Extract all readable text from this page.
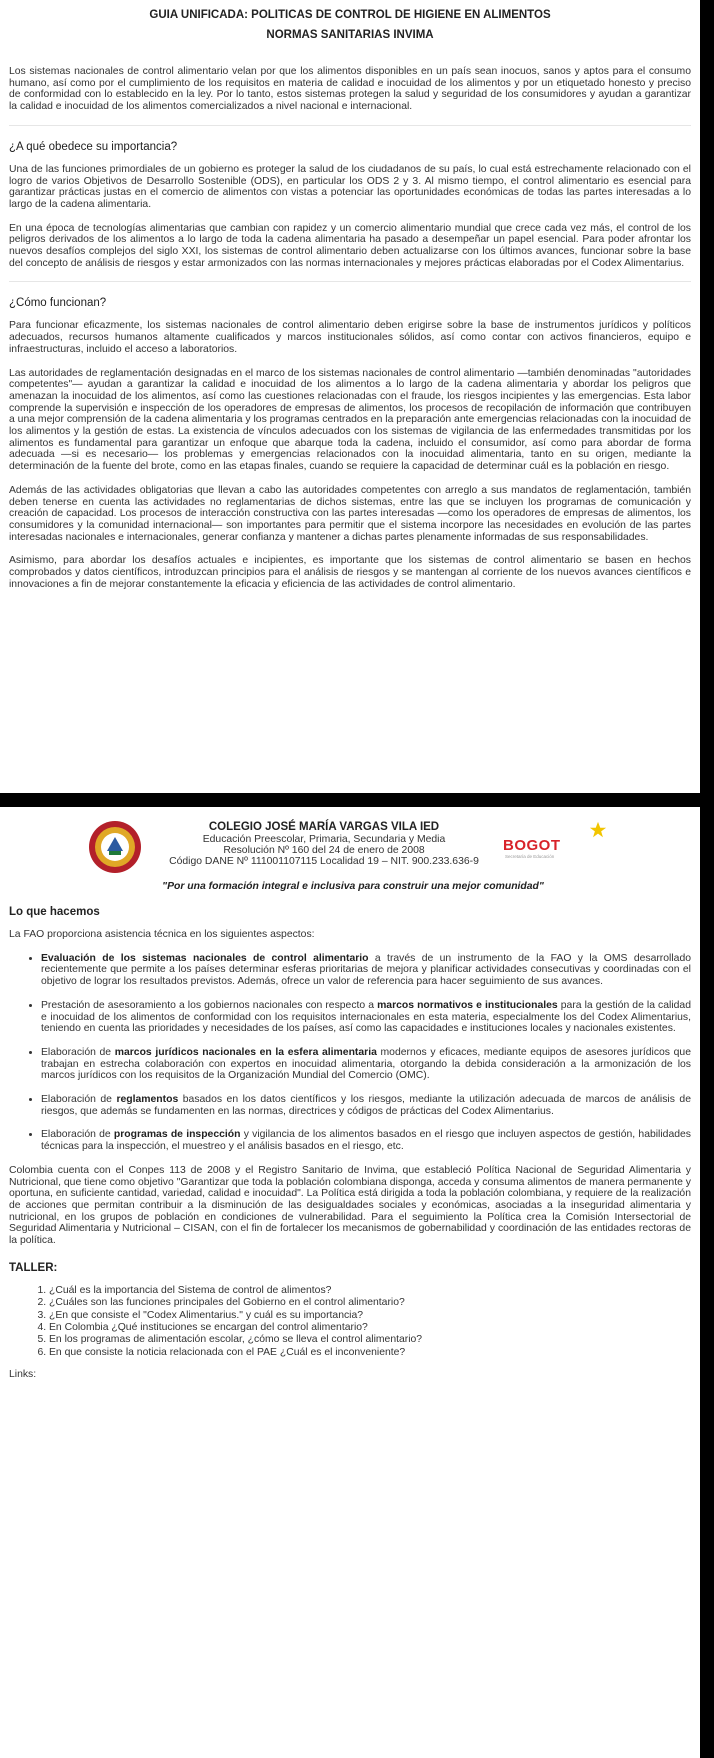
GUIA UNIFICADA: POLITICAS DE CONTROL DE HIGIENE EN ALIMENTOS
NORMAS SANITARIAS INVIMA

Los sistemas nacionales de control alimentario velan por que los alimentos disponibles en un país sean inocuos, sanos y aptos para el consumo humano, así como por el cumplimiento de los requisitos en materia de calidad e inocuidad de los alimentos y por un etiquetado honesto y preciso de conformidad con lo establecido en la ley. Por lo tanto, estos sistemas protegen la salud y seguridad de los consumidores y ayudan a garantizar la calidad e inocuidad de los alimentos comercializados a nivel nacional e internacional.

¿A qué obedece su importancia?

Una de las funciones primordiales de un gobierno es proteger la salud de los ciudadanos de su país, lo cual está estrechamente relacionado con el logro de varios Objetivos de Desarrollo Sostenible (ODS), en particular los ODS 2 y 3. Al mismo tiempo, el control alimentario es esencial para garantizar prácticas justas en el comercio de alimentos con vistas a potenciar las oportunidades económicas de todas las partes interesadas a lo largo de la cadena alimentaria.

En una época de tecnologías alimentarias que cambian con rapidez y un comercio alimentario mundial que crece cada vez más, el control de los peligros derivados de los alimentos a lo largo de toda la cadena alimentaria ha pasado a desempeñar un papel esencial. Para poder afrontar los nuevos desafíos complejos del siglo XXI, los sistemas de control alimentario deben actualizarse con los últimos avances, funcionar sobre la base del concepto de análisis de riesgos y estar armonizados con las normas internacionales y mejores prácticas elaboradas por el Codex Alimentarius.

¿Cómo funcionan?

Para funcionar eficazmente, los sistemas nacionales de control alimentario deben erigirse sobre la base de instrumentos jurídicos y políticos adecuados, recursos humanos altamente cualificados y marcos institucionales sólidos, así como contar con activos financieros, equipo e infraestructuras, incluido el acceso a laboratorios.

Las autoridades de reglamentación designadas en el marco de los sistemas nacionales de control alimentario —también denominadas "autoridades competentes"— ayudan a garantizar la calidad e inocuidad de los alimentos a lo largo de la cadena alimentaria y abordar los peligros que amenazan la inocuidad de los alimentos, así como las cuestiones relacionadas con el fraude, los riesgos incipientes y las emergencias. Esta labor comprende la supervisión e inspección de los operadores de empresas de alimentos, los procesos de recopilación de información que contribuyen a una mejor comprensión de la cadena alimentaria y los programas centrados en la preparación ante emergencias relacionadas con la inocuidad de los alimentos y la gestión de estas. La existencia de vínculos adecuados con los sistemas de vigilancia de las enfermedades transmitidas por los alimentos es fundamental para garantizar un enfoque que abarque toda la cadena, incluido el consumidor, así como para abordar de forma adecuada —si es necesario— los problemas y emergencias relacionados con la inocuidad alimentaria, tanto en su origen, mediante la determinación de la fuente del brote, como en las etapas finales, cuando se requiere la capacidad de determinar cuál es la población en riesgo.

Además de las actividades obligatorias que llevan a cabo las autoridades competentes con arreglo a sus mandatos de reglamentación, también deben tenerse en cuenta las actividades no reglamentarias de dichos sistemas, entre las que se incluyen los programas de comunicación y creación de capacidad. Los procesos de interacción constructiva con las partes interesadas —como los operadores de empresas de alimentos, los consumidores y la comunidad internacional— son importantes para permitir que el sistema incorpore las necesidades en evolución de las partes interesadas nacionales e internacionales, generar confianza y mantener a dichas partes plenamente informadas de sus responsabilidades.

Asimismo, para abordar los desafíos actuales e incipientes, es importante que los sistemas de control alimentario se basen en hechos comprobados y datos científicos, introduzcan principios para el análisis de riesgos y se mantengan al corriente de los nuevos avances científicos e innovaciones a fin de mejorar constantemente la eficacia y eficiencia de las actividades de control alimentario.

COLEGIO JOSÉ MARÍA VARGAS VILA IED
Educación Preescolar, Primaria, Secundaria y Media
Resolución Nº 160 del 24 de enero de 2008
Código DANE Nº 111001107115 Localidad 19 – NIT. 900.233.636-9
BOGOT
Secretaría de Educación
"Por una formación integral e inclusiva para construir una mejor comunidad"
Lo que hacemos

La FAO proporciona asistencia técnica en los siguientes aspectos:

• Evaluación de los sistemas nacionales de control alimentario a través de un instrumento de la FAO y la OMS desarrollado recientemente que permite a los países determinar esferas prioritarias de mejora y planificar actividades consecutivas y coordinadas con el objetivo de lograr los resultados previstos. Además, ofrece un valor de referencia para hacer seguimiento de sus avances.
• Prestación de asesoramiento a los gobiernos nacionales con respecto a marcos normativos e institucionales para la gestión de la calidad e inocuidad de los alimentos de conformidad con los requisitos internacionales en esta materia, especialmente los del Codex Alimentarius, teniendo en cuenta las prioridades y necesidades de los países, así como las capacidades e instituciones locales y nacionales existentes.
• Elaboración de marcos jurídicos nacionales en la esfera alimentaria modernos y eficaces, mediante equipos de asesores jurídicos que trabajan en estrecha colaboración con expertos en inocuidad alimentaria, otorgando la debida consideración a la armonización de los marcos jurídicos con los requisitos de la Organización Mundial del Comercio (OMC).
• Elaboración de reglamentos basados en los datos científicos y los riesgos, mediante la utilización adecuada de marcos de análisis de riesgos, que además se fundamenten en las normas, directrices y códigos de prácticas del Codex Alimentarius.
• Elaboración de programas de inspección y vigilancia de los alimentos basados en el riesgo que incluyen aspectos de gestión, habilidades técnicas para la inspección, el muestreo y el análisis basados en el riesgo, etc.

Colombia cuenta con el Conpes 113 de 2008 y el Registro Sanitario de Invima, que estableció Política Nacional de Seguridad Alimentaria y Nutricional, que tiene como objetivo "Garantizar que toda la población colombiana disponga, acceda y consuma alimentos de manera permanente y oportuna, en suficiente cantidad, variedad, calidad e inocuidad". La Política está dirigida a toda la población colombiana, y requiere de la realización de acciones que permitan contribuir a la disminución de las desigualdades sociales y económicas, asociadas a la inseguridad alimentaria y nutricional, en los grupos de población en condiciones de vulnerabilidad. Para el seguimiento la Política crea la Comisión Intersectorial de Seguridad Alimentaria y Nutricional – CISAN, con el fin de fortalecer los mecanismos de gobernabilidad y coordinación de las entidades rectoras de la política.

TALLER:
1. ¿Cuál es la importancia del Sistema de control de alimentos?
2. ¿Cuáles son las funciones principales del Gobierno en el control alimentario?
3. ¿En que consiste el "Codex Alimentarius." y cuál es su importancia?
4. En Colombia ¿Qué instituciones se encargan del control alimentario?
5. En los programas de alimentación escolar, ¿cómo se lleva el control alimentario?
6. En que consiste la noticia relacionada con el PAE ¿Cuál es el inconveniente?
Links:
